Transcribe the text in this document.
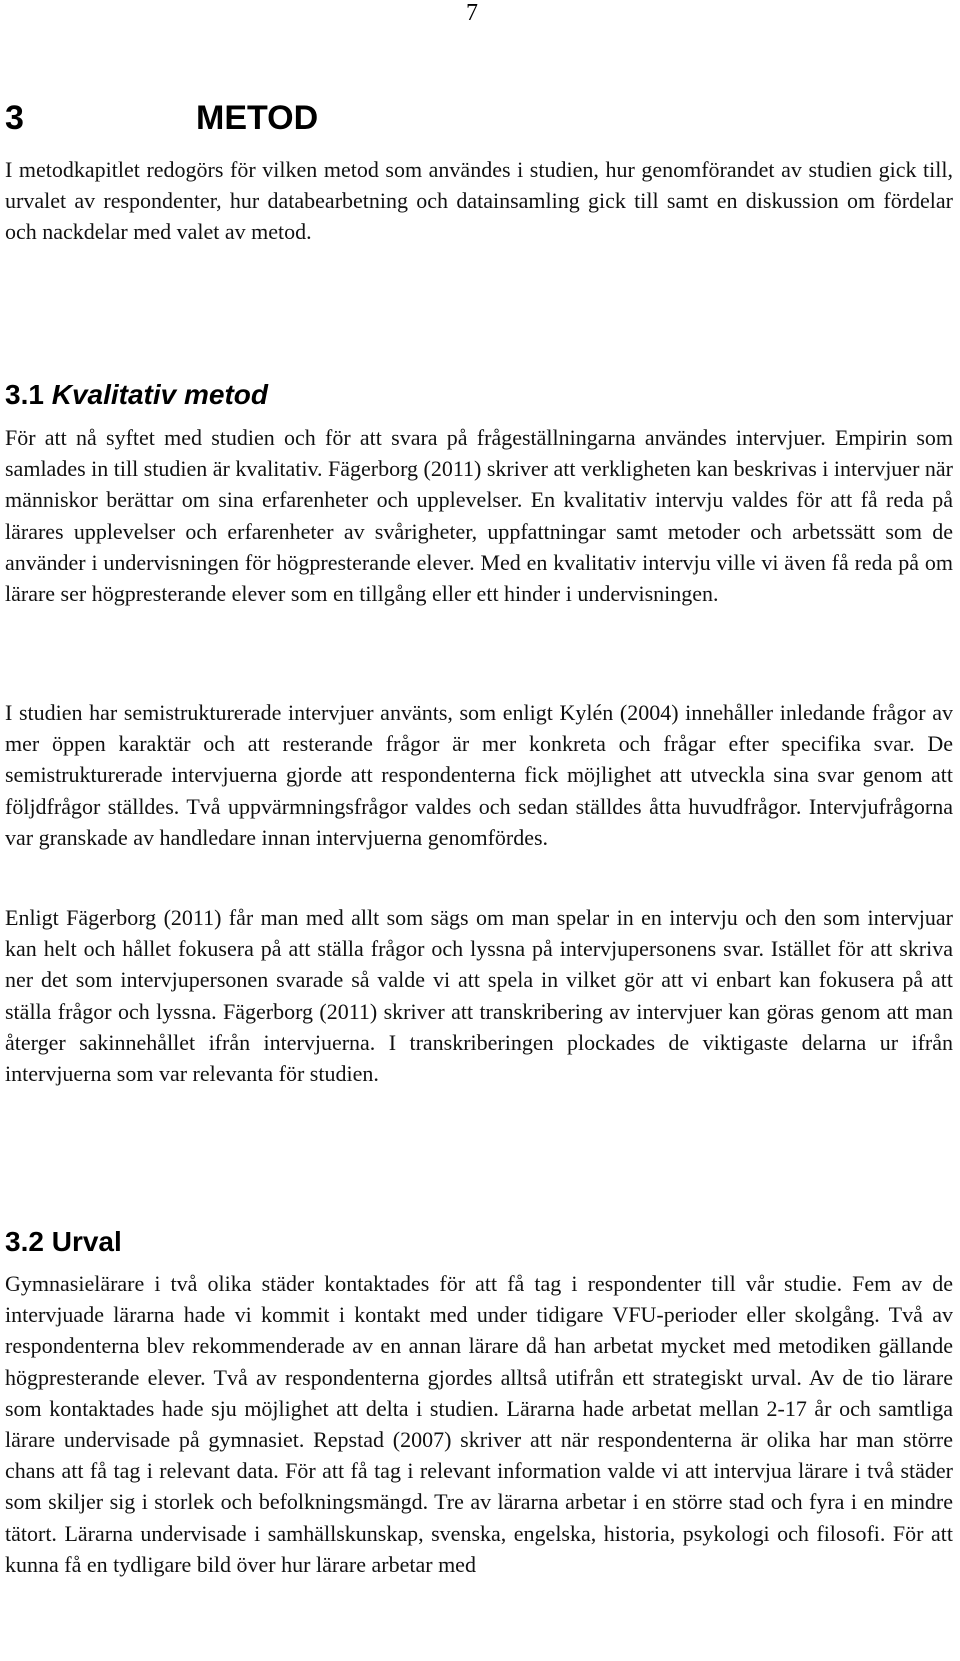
7
3	METOD

I metodkapitlet redogörs för vilken metod som användes i studien, hur genomförandet av studien gick till, urvalet av respondenter, hur databearbetning och datainsamling gick till samt en diskussion om fördelar och nackdelar med valet av metod.

3.1 Kvalitativ metod

För att nå syftet med studien och för att svara på frågeställningarna användes intervjuer. Empirin som samlades in till studien är kvalitativ. Fägerborg (2011) skriver att verkligheten kan beskrivas i intervjuer när människor berättar om sina erfarenheter och upplevelser. En kvalitativ intervju valdes för att få reda på lärares upplevelser och erfarenheter av svårigheter, uppfattningar samt metoder och arbetssätt som de använder i undervisningen för högpresterande elever. Med en kvalitativ intervju ville vi även få reda på om lärare ser högpresterande elever som en tillgång eller ett hinder i undervisningen.

I studien har semistrukturerade intervjuer använts, som enligt Kylén (2004) innehåller inledande frågor av mer öppen karaktär och att resterande frågor är mer konkreta och frågar efter specifika svar. De semistrukturerade intervjuerna gjorde att respondenterna fick möjlighet att utveckla sina svar genom att följdfrågor ställdes. Två uppvärmningsfrågor valdes och sedan ställdes åtta huvudfrågor. Intervjufrågorna var granskade av handledare innan intervjuerna genomfördes.

Enligt Fägerborg (2011) får man med allt som sägs om man spelar in en intervju och den som intervjuar kan helt och hållet fokusera på att ställa frågor och lyssna på intervjupersonens svar. Istället för att skriva ner det som intervjupersonen svarade så valde vi att spela in vilket gör att vi enbart kan fokusera på att ställa frågor och lyssna. Fägerborg (2011) skriver att transkribering av intervjuer kan göras genom att man återger sakinnehållet ifrån intervjuerna. I transkriberingen plockades de viktigaste delarna ur ifrån intervjuerna som var relevanta för studien.

3.2 Urval

Gymnasielärare i två olika städer kontaktades för att få tag i respondenter till vår studie. Fem av de intervjuade lärarna hade vi kommit i kontakt med under tidigare VFU-perioder eller skolgång. Två av respondenterna blev rekommenderade av en annan lärare då han arbetat mycket med metodiken gällande högpresterande elever. Två av respondenterna gjordes alltså utifrån ett strategiskt urval. Av de tio lärare som kontaktades hade sju möjlighet att delta i studien. Lärarna hade arbetat mellan 2-17 år och samtliga lärare undervisade på gymnasiet. Repstad (2007) skriver att när respondenterna är olika har man större chans att få tag i relevant data. För att få tag i relevant information valde vi att intervjua lärare i två städer som skiljer sig i storlek och befolkningsmängd. Tre av lärarna arbetar i en större stad och fyra i en mindre tätort. Lärarna undervisade i samhällskunskap, svenska, engelska, historia, psykologi och filosofi. För att kunna få en tydligare bild över hur lärare arbetar med
